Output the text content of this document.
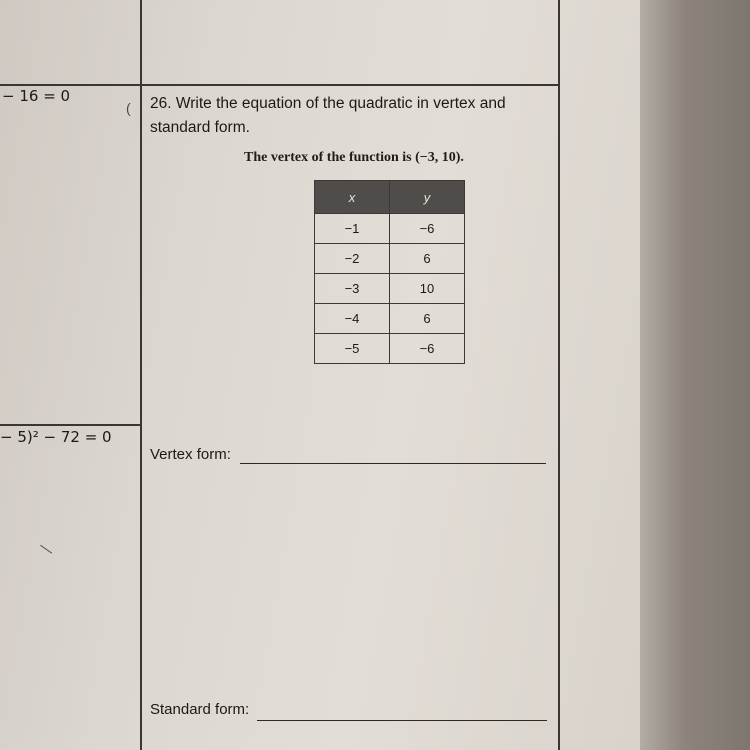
− 16 = 0
− 5)² − 72 = 0
(
—
26. Write the equation of the quadratic in vertex and standard form.
The vertex of the function is (−3, 10).
x	y
−1	−6
−2	6
−3	10
−4	6
−5	−6
Vertex form:
Standard form:
